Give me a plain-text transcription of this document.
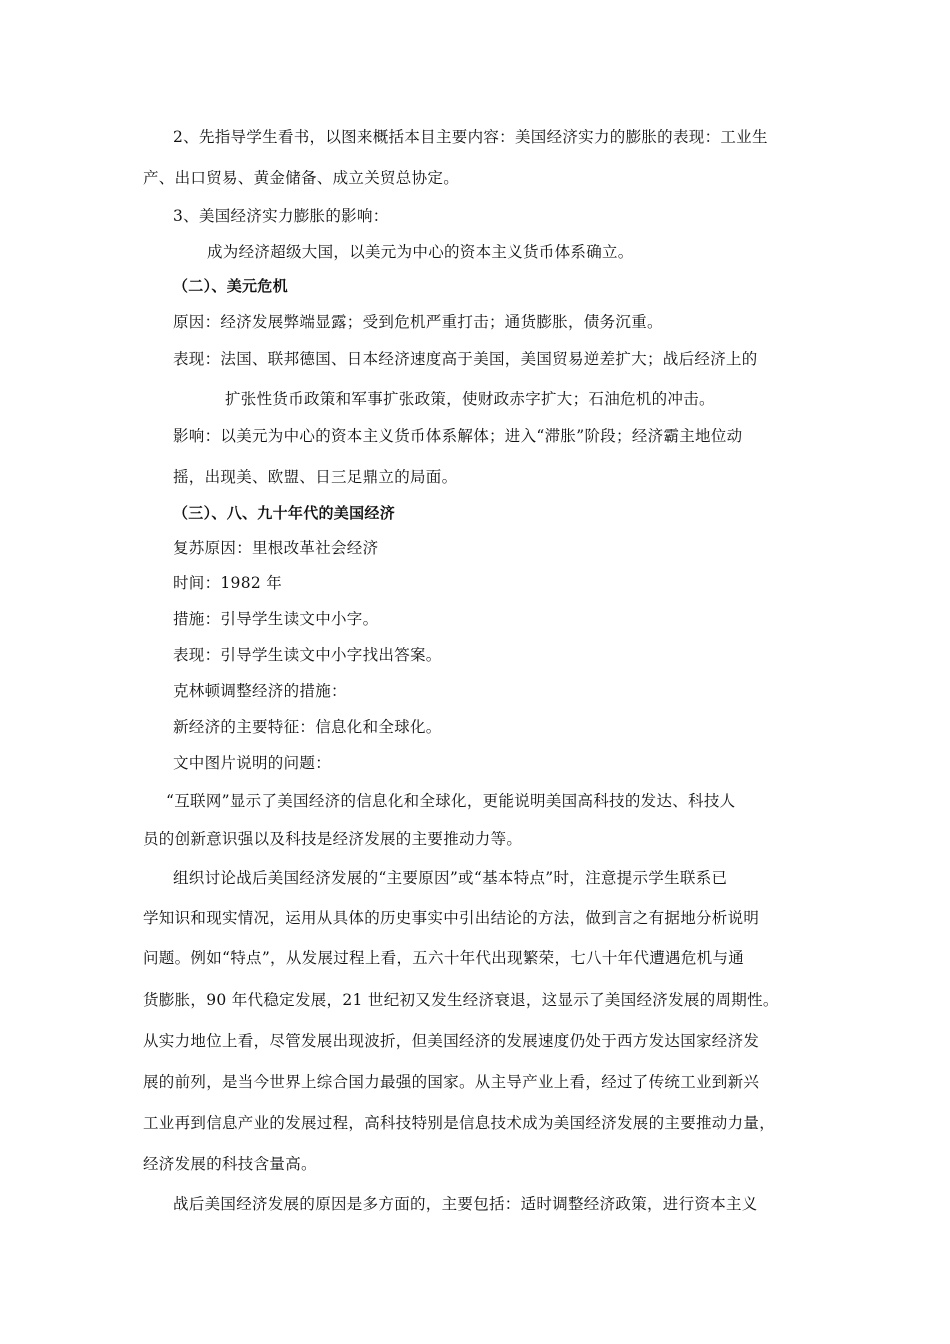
2、先指导学生看书，以图来概括本目主要内容：美国经济实力的膨胀的表现：工业生
产、出口贸易、黄金储备、成立关贸总协定。
3、美国经济实力膨胀的影响：
成为经济超级大国，以美元为中心的资本主义货币体系确立。
（二）、美元危机
原因：经济发展弊端显露；受到危机严重打击；通货膨胀，债务沉重。
表现：法国、联邦德国、日本经济速度高于美国，美国贸易逆差扩大；战后经济上的
扩张性货币政策和军事扩张政策，使财政赤字扩大；石油危机的冲击。
影响：以美元为中心的资本主义货币体系解体；进入“滞胀”阶段；经济霸主地位动
摇，出现美、欧盟、日三足鼎立的局面。
（三）、八、九十年代的美国经济
复苏原因：里根改革社会经济
时间：1982 年
措施：引导学生读文中小字。
表现：引导学生读文中小字找出答案。
克林顿调整经济的措施：
新经济的主要特征：信息化和全球化。
文中图片说明的问题：
“互联网”显示了美国经济的信息化和全球化，更能说明美国高科技的发达、科技人
员的创新意识强以及科技是经济发展的主要推动力等。
组织讨论战后美国经济发展的“主要原因”或“基本特点”时，注意提示学生联系已
学知识和现实情况，运用从具体的历史事实中引出结论的方法，做到言之有据地分析说明
问题。例如“特点”，从发展过程上看，五六十年代出现繁荣，七八十年代遭遇危机与通
货膨胀，90 年代稳定发展，21 世纪初又发生经济衰退，这显示了美国经济发展的周期性。
从实力地位上看，尽管发展出现波折，但美国经济的发展速度仍处于西方发达国家经济发
展的前列，是当今世界上综合国力最强的国家。从主导产业上看，经过了传统工业到新兴
工业再到信息产业的发展过程，高科技特别是信息技术成为美国经济发展的主要推动力量，
经济发展的科技含量高。
战后美国经济发展的原因是多方面的，主要包括：适时调整经济政策，进行资本主义
